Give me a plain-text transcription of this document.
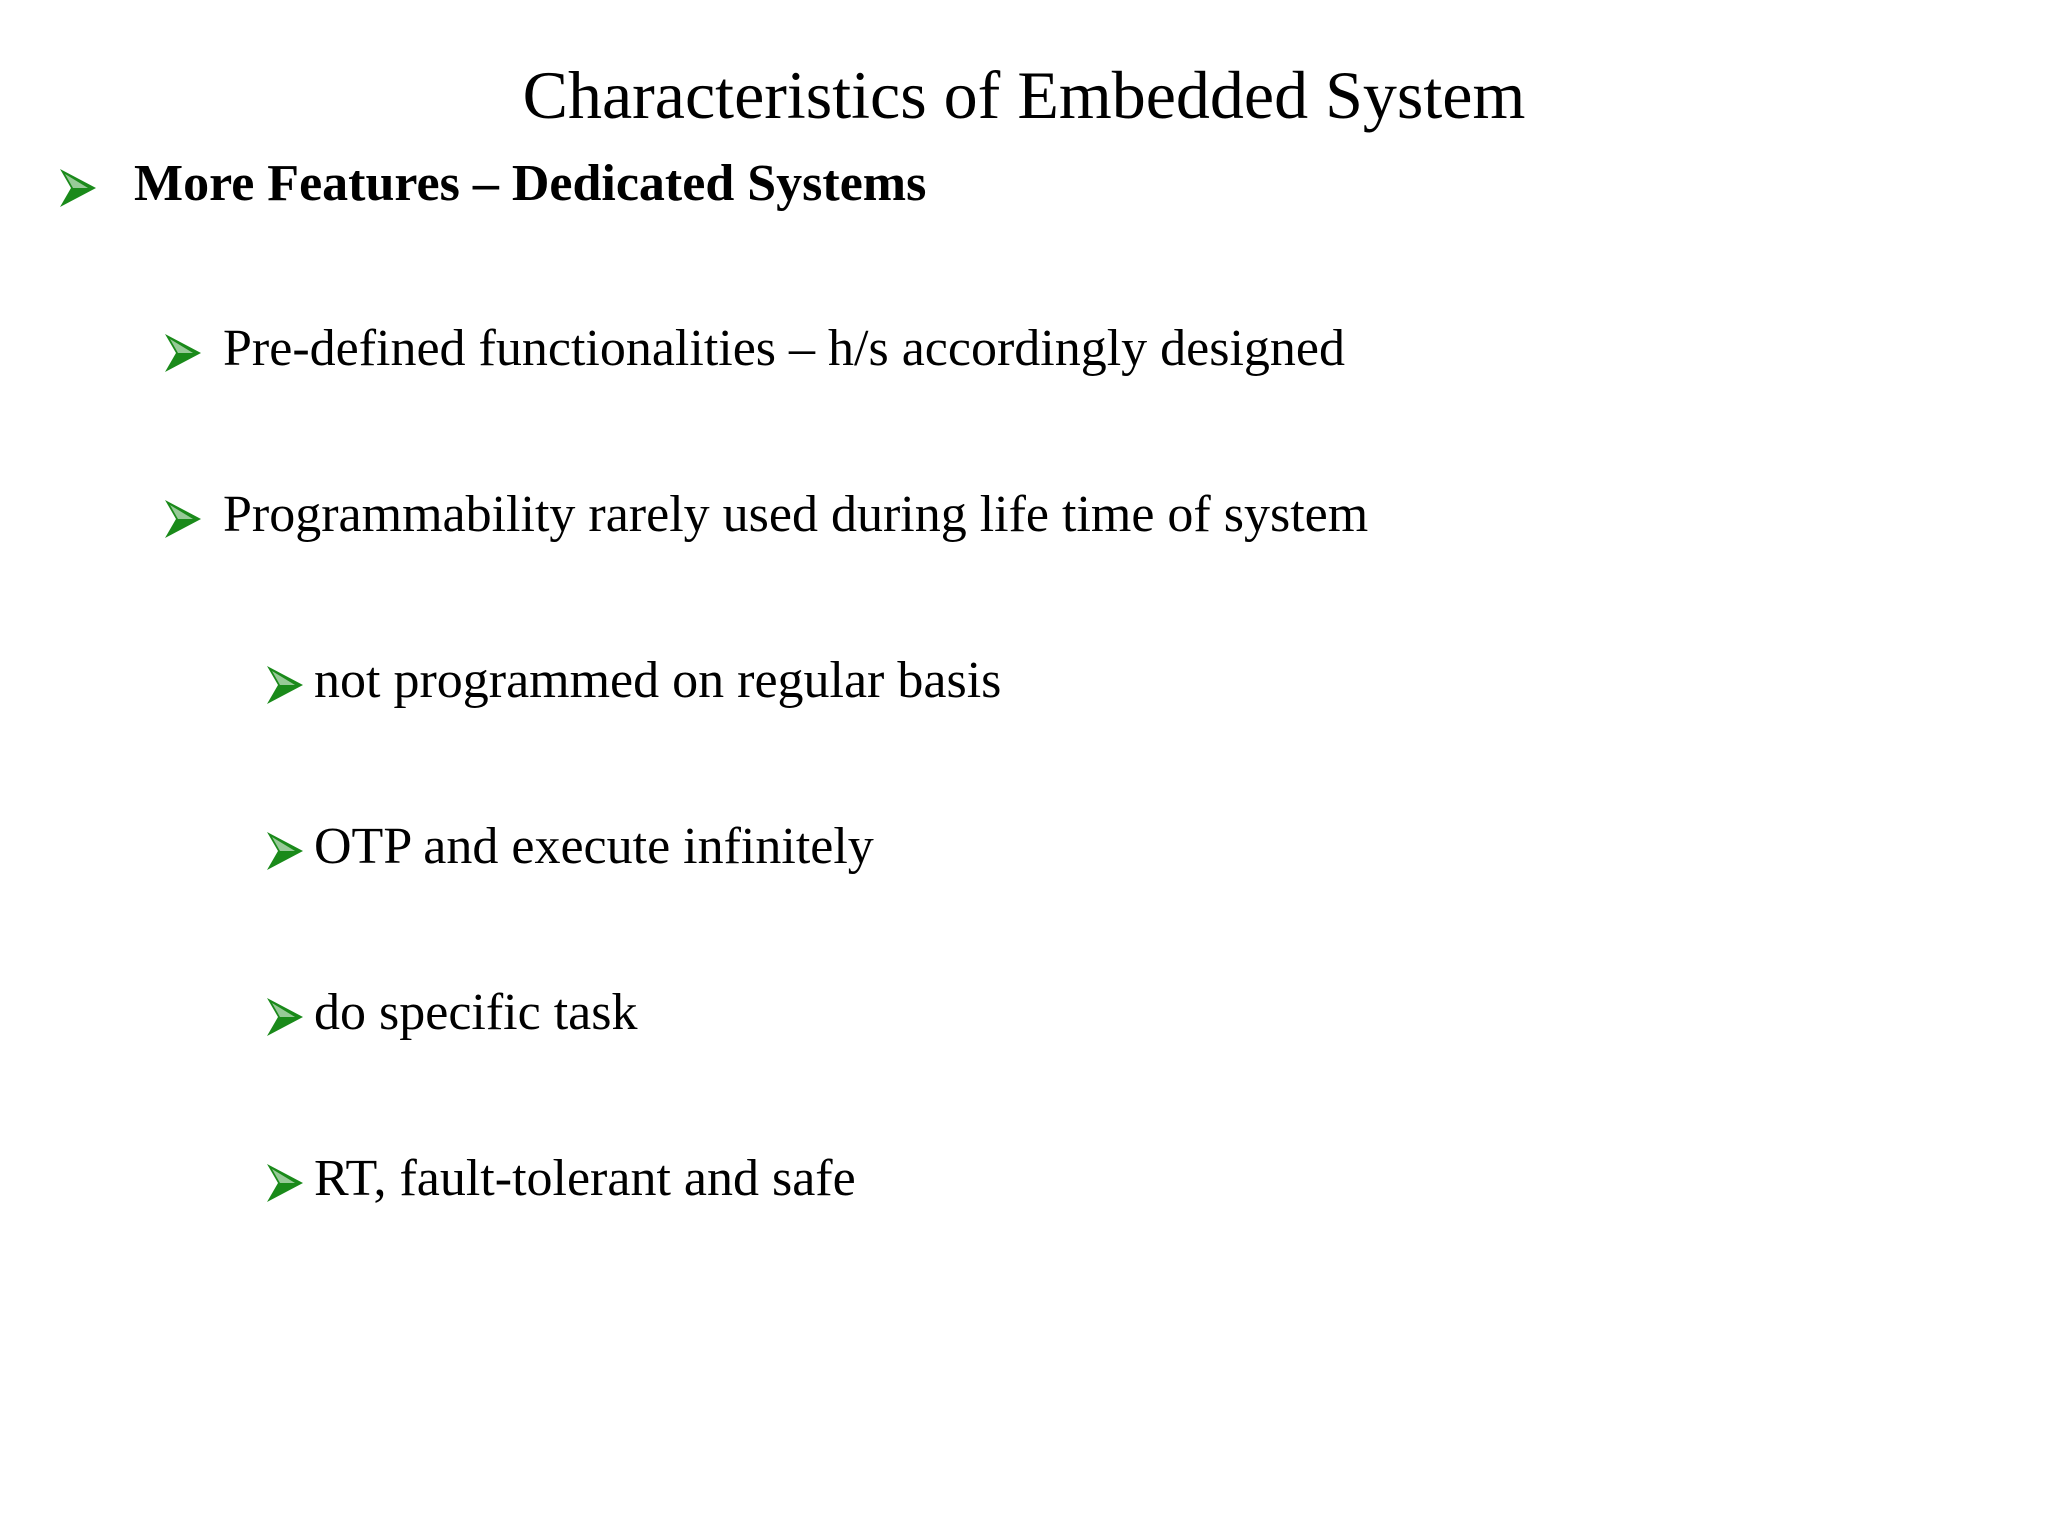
Characteristics of Embedded System
More Features – Dedicated Systems
Pre-defined functionalities – h/s accordingly designed
Programmability rarely used during life time of system
not programmed on regular basis
OTP and execute infinitely
do specific task
RT, fault-tolerant and safe
